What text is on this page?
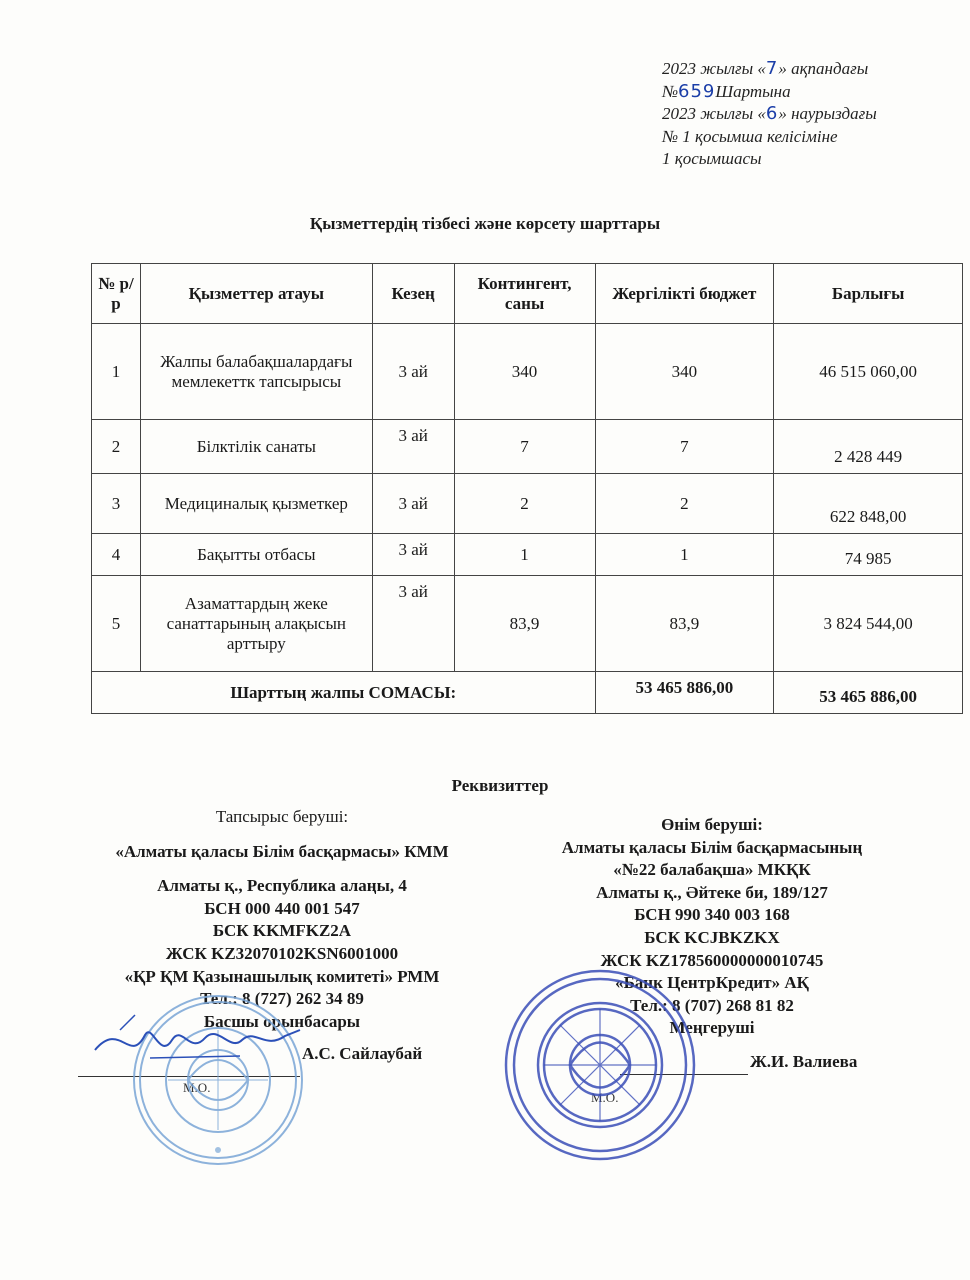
2023 жылғы «7» ақпандағы
№659Шартына
2023 жылғы «6» наурыздағы
№ 1 қосымша келісіміне
1 қосымшасы
Қызметтердің тізбесі және көрсету шарттары
№ р/р	Қызметтер атауы	Кезең	Контингент, саны	Жергілікті бюджет	Барлығы
1	Жалпы балабақшалардағы мемлекеттк тапсырысы	3 ай	340	340	46 515 060,00
2	Білктілік санаты	3 ай	7	7	2 428 449
3	Медициналық қызметкер	3 ай	2	2	622 848,00
4	Бақытты отбасы	3 ай	1	1	74 985
5	Азаматтардың жеке санаттарының алақысын арттыру	3 ай	83,9	83,9	3 824 544,00
Шарттың жалпы СОМАСЫ:				53 465 886,00	53 465 886,00
Реквизиттер
Тапсырыс беруші:
«Алматы қаласы Білім басқармасы» КММ
Алматы қ., Республика алаңы, 4
БСН 000 440 001 547
БСК KKMFKZ2A
ЖСК KZ32070102KSN6001000
«ҚР ҚМ Қазынашылық комитеті» РММ
Тел.: 8 (727) 262 34 89
Басшы орынбасары
Өнім беруші:
Алматы қаласы Білім басқармасының
«№22 балабақша» МКҚК
Алматы қ., Әйтеке би, 189/127
БСН 990 340 003 168
БСК KCJBKZKX
ЖСК KZ178560000000010745
«Банк ЦентрКредит» АҚ
Тел.: 8 (707) 268 81 82
Меңгеруші
А.С. Сайлаубай
М.О.
Ж.И. Валиева
М.О.
